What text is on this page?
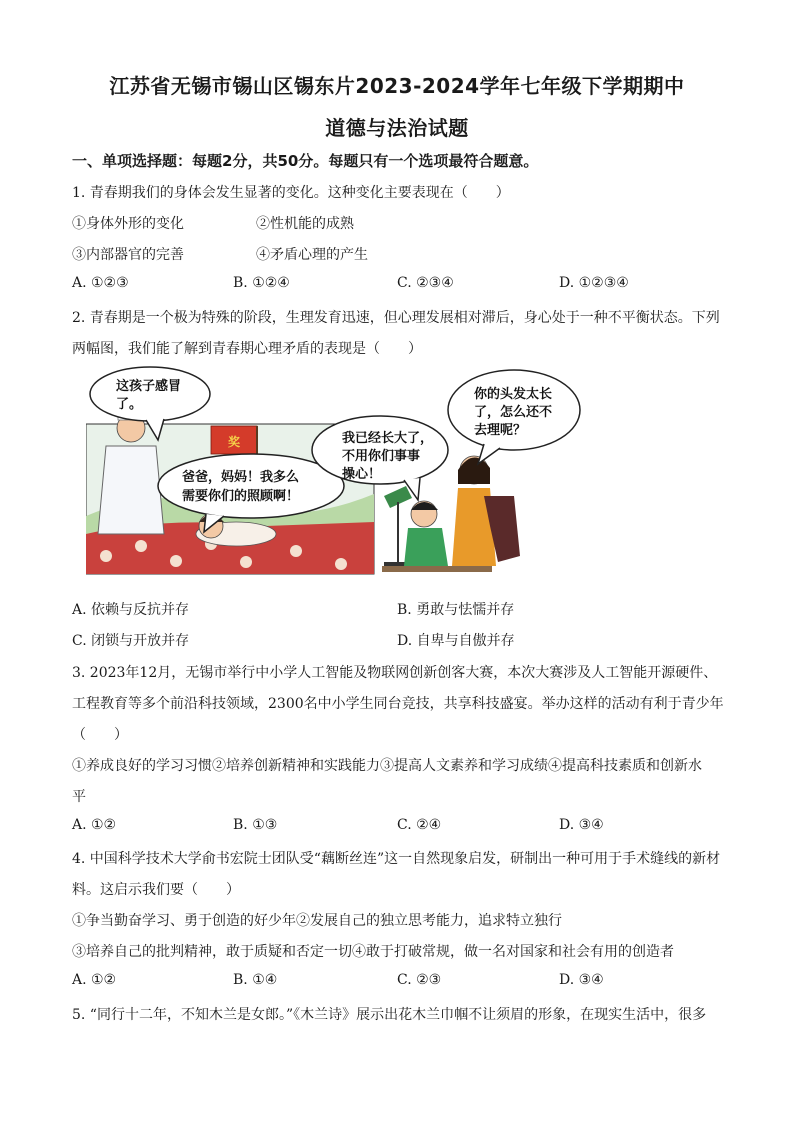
江苏省无锡市锡山区锡东片2023-2024学年七年级下学期期中
道德与法治试题
一、单项选择题：每题2分，共50分。每题只有一个选项最符合题意。
1. 青春期我们的身体会发生显著的变化。这种变化主要表现在（　　）
①身体外形的变化	②性机能的成熟
③内部器官的完善	④矛盾心理的产生
A. ①②③	B. ①②④	C. ②③④	D. ①②③④
2. 青春期是一个极为特殊的阶段，生理发育迅速，但心理发展相对滞后，身心处于一种不平衡状态。下列
两幅图，我们能了解到青春期心理矛盾的表现是（　　）
奖
这孩子感冒
了。
爸爸，妈妈！我多么
需要你们的照顾啊！
我已经长大了，
不用你们事事
操心！
你的头发太长
了，怎么还不
去理呢？
A. 依赖与反抗并存	B. 勇敢与怯懦并存
C. 闭锁与开放并存	D. 自卑与自傲并存
3. 2023年12月，无锡市举行中小学人工智能及物联网创新创客大赛，本次大赛涉及人工智能开源硬件、
工程教育等多个前沿科技领域，2300名中小学生同台竞技，共享科技盛宴。举办这样的活动有利于青少年
（　　）
①养成良好的学习习惯②培养创新精神和实践能力③提高人文素养和学习成绩④提高科技素质和创新水
平
A. ①②	B. ①③	C. ②④	D. ③④
4. 中国科学技术大学俞书宏院士团队受“藕断丝连”这一自然现象启发，研制出一种可用于手术缝线的新材
料。这启示我们要（　　）
①争当勤奋学习、勇于创造的好少年②发展自己的独立思考能力，追求特立独行
③培养自己的批判精神，敢于质疑和否定一切④敢于打破常规，做一名对国家和社会有用的创造者
A. ①②	B. ①④	C. ②③	D. ③④
5. “同行十二年，不知木兰是女郎。”《木兰诗》展示出花木兰巾帼不让须眉的形象，在现实生活中，很多
